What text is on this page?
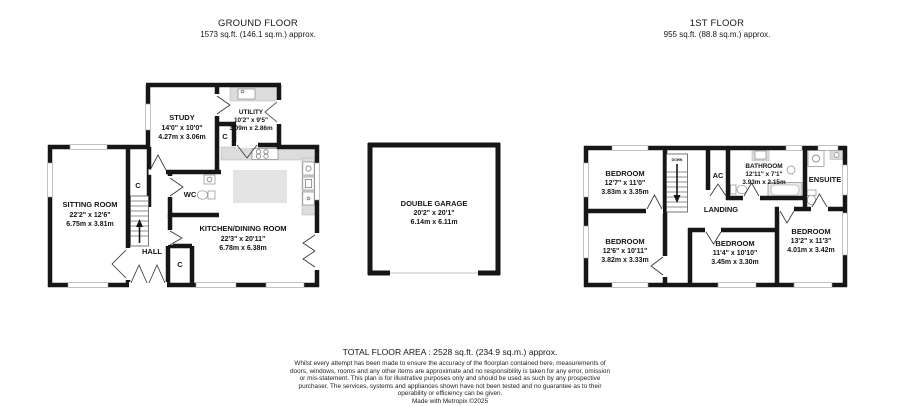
SITTING ROOM
22'2" x 12'6"
6.75m x 3.81m
STUDY
14'0" x 10'0"
4.27m x 3.06m
UTILITY
10'2" x 9'5"
3.09m x 2.86m
KITCHEN/DINING ROOM
22'3" x 20'11"
6.78m x 6.38m
WC
HALL
C
C
C
DOUBLE GARAGE
20'2" x 20'1"
6.14m x 6.11m
DOWN
BEDROOM
12'7" x 11'0"
3.83m x 3.35m
BEDROOM
12'6" x 10'11"
3.82m x 3.33m
BEDROOM
11'4" x 10'10"
3.45m x 3.30m
BEDROOM
13'2" x 11'3"
4.01m x 3.42m
BATHROOM
12'11" x 7'1"
3.93m x 2.15m	ENSUITE
AC
LANDING
GROUND FLOOR
1573 sq.ft. (146.1 sq.m.) approx.
1ST FLOOR
955 sq.ft. (88.8 sq.m.) approx.
TOTAL FLOOR AREA : 2528 sq.ft. (234.9 sq.m.) approx.
Whilst every attempt has been made to ensure the accuracy of the floorplan contained here, measurements of doors, windows, rooms and any other items are approximate and no responsibility is taken for any error, omission or mis-statement. This plan is for illustrative purposes only and should be used as such by any prospective purchaser. The services, systems and appliances shown have not been tested and no guarantee as to their operability or efficiency can be given.
Made with Metropix ©2025
